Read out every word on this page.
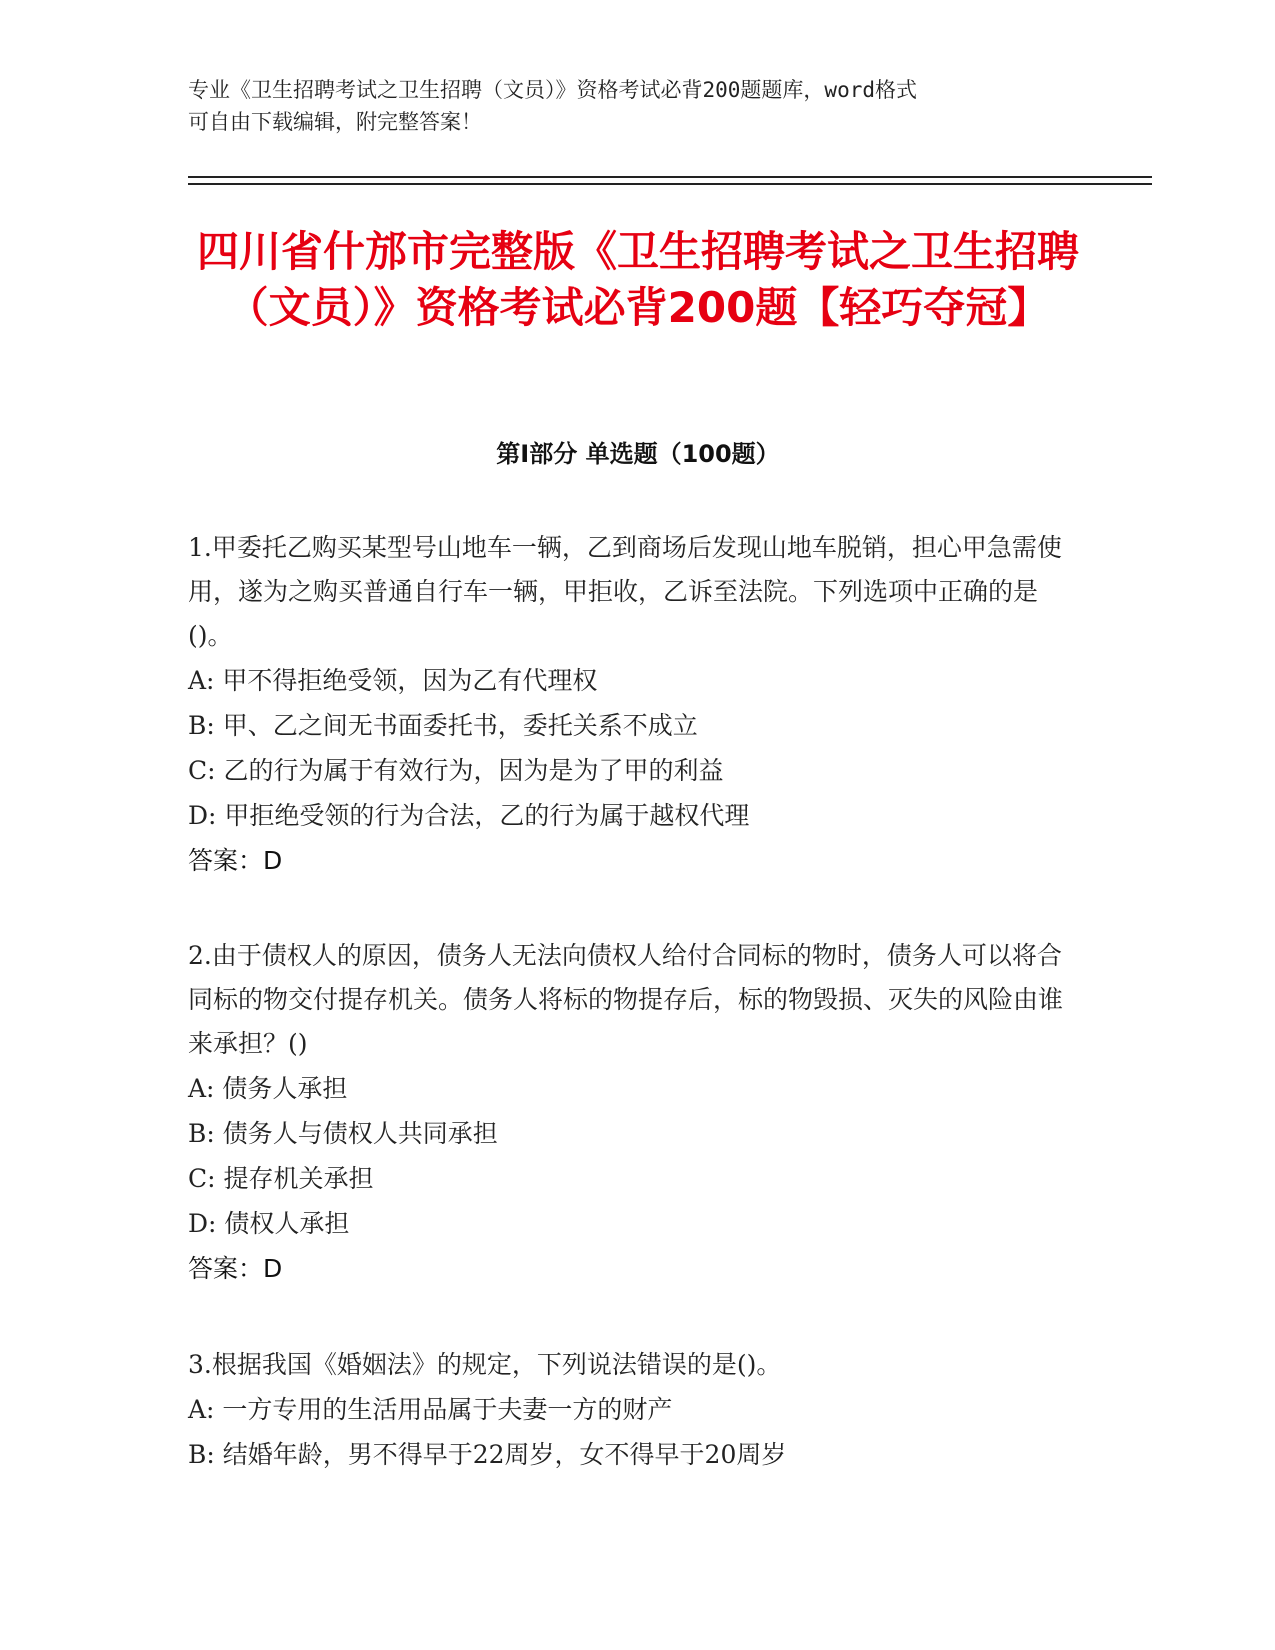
专业《卫生招聘考试之卫生招聘（文员）》资格考试必背200题题库，word格式
可自由下载编辑，附完整答案！
四川省什邡市完整版《卫生招聘考试之卫生招聘（文员）》资格考试必背200题【轻巧夺冠】
第I部分 单选题（100题）

1.甲委托乙购买某型号山地车一辆，乙到商场后发现山地车脱销，担心甲急需使用，遂为之购买普通自行车一辆，甲拒收，乙诉至法院。下列选项中正确的是()。

A: 甲不得拒绝受领，因为乙有代理权

B: 甲、乙之间无书面委托书，委托关系不成立

C: 乙的行为属于有效行为，因为是为了甲的利益

D: 甲拒绝受领的行为合法，乙的行为属于越权代理

答案：D

2.由于债权人的原因，债务人无法向债权人给付合同标的物时，债务人可以将合同标的物交付提存机关。债务人将标的物提存后，标的物毁损、灭失的风险由谁来承担？()

A: 债务人承担

B: 债务人与债权人共同承担

C: 提存机关承担

D: 债权人承担

答案：D

3.根据我国《婚姻法》的规定，下列说法错误的是()。

A: 一方专用的生活用品属于夫妻一方的财产

B: 结婚年龄，男不得早于22周岁，女不得早于20周岁
